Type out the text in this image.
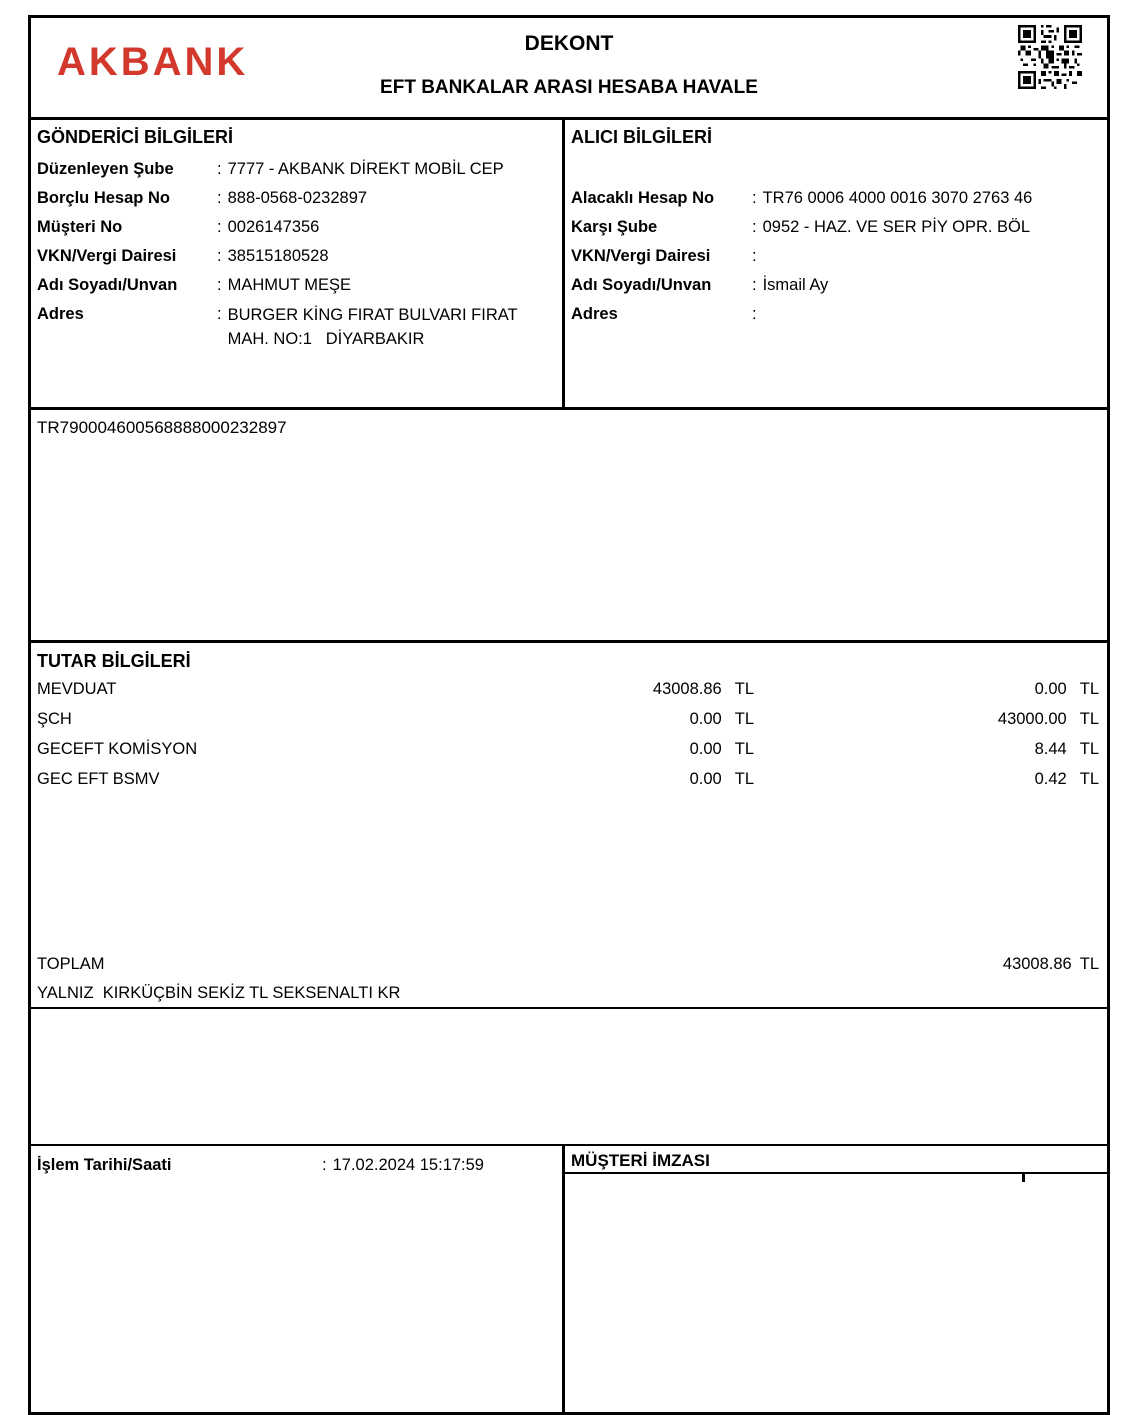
AKBANK	DEKONT
EFT BANKALAR ARASI HESABA HAVALE
GÖNDERİCİ BİLGİLERİ
Düzenleyen Şube	: 7777 - AKBANK DİREKT MOBİL CEP
Borçlu Hesap No	: 888-0568-0232897
Müşteri No	: 0026147356
VKN/Vergi Dairesi	: 38515180528
Adı Soyadı/Unvan	: MAHMUT MEŞE
Adres	: BURGER KİNG FIRAT BULVARI FIRAT MAH. NO:1   DİYARBAKIR
ALICI BİLGİLERİ
Alacaklı Hesap No	: TR76 0006 4000 0016 3070 2763 46
Karşı Şube	: 0952 - HAZ. VE SER PİY OPR. BÖL
VKN/Vergi Dairesi	:
Adı Soyadı/Unvan	: İsmail Ay
Adres	:
TR790004600568888000232897
TUTAR BİLGİLERİ
MEVDUAT	43008.86 TL	0.00 TL
ŞCH	0.00 TL	43000.00 TL
GECEFT KOMİSYON	0.00 TL	8.44 TL
GEC EFT BSMV	0.00 TL	0.42 TL
TOPLAM	43008.86 TL
YALNIZ  KIRKÜÇBİN SEKİZ TL SEKSENALTI KR
İşlem Tarihi/Saati	: 17.02.2024 15:17:59	MÜŞTERİ İMZASI
